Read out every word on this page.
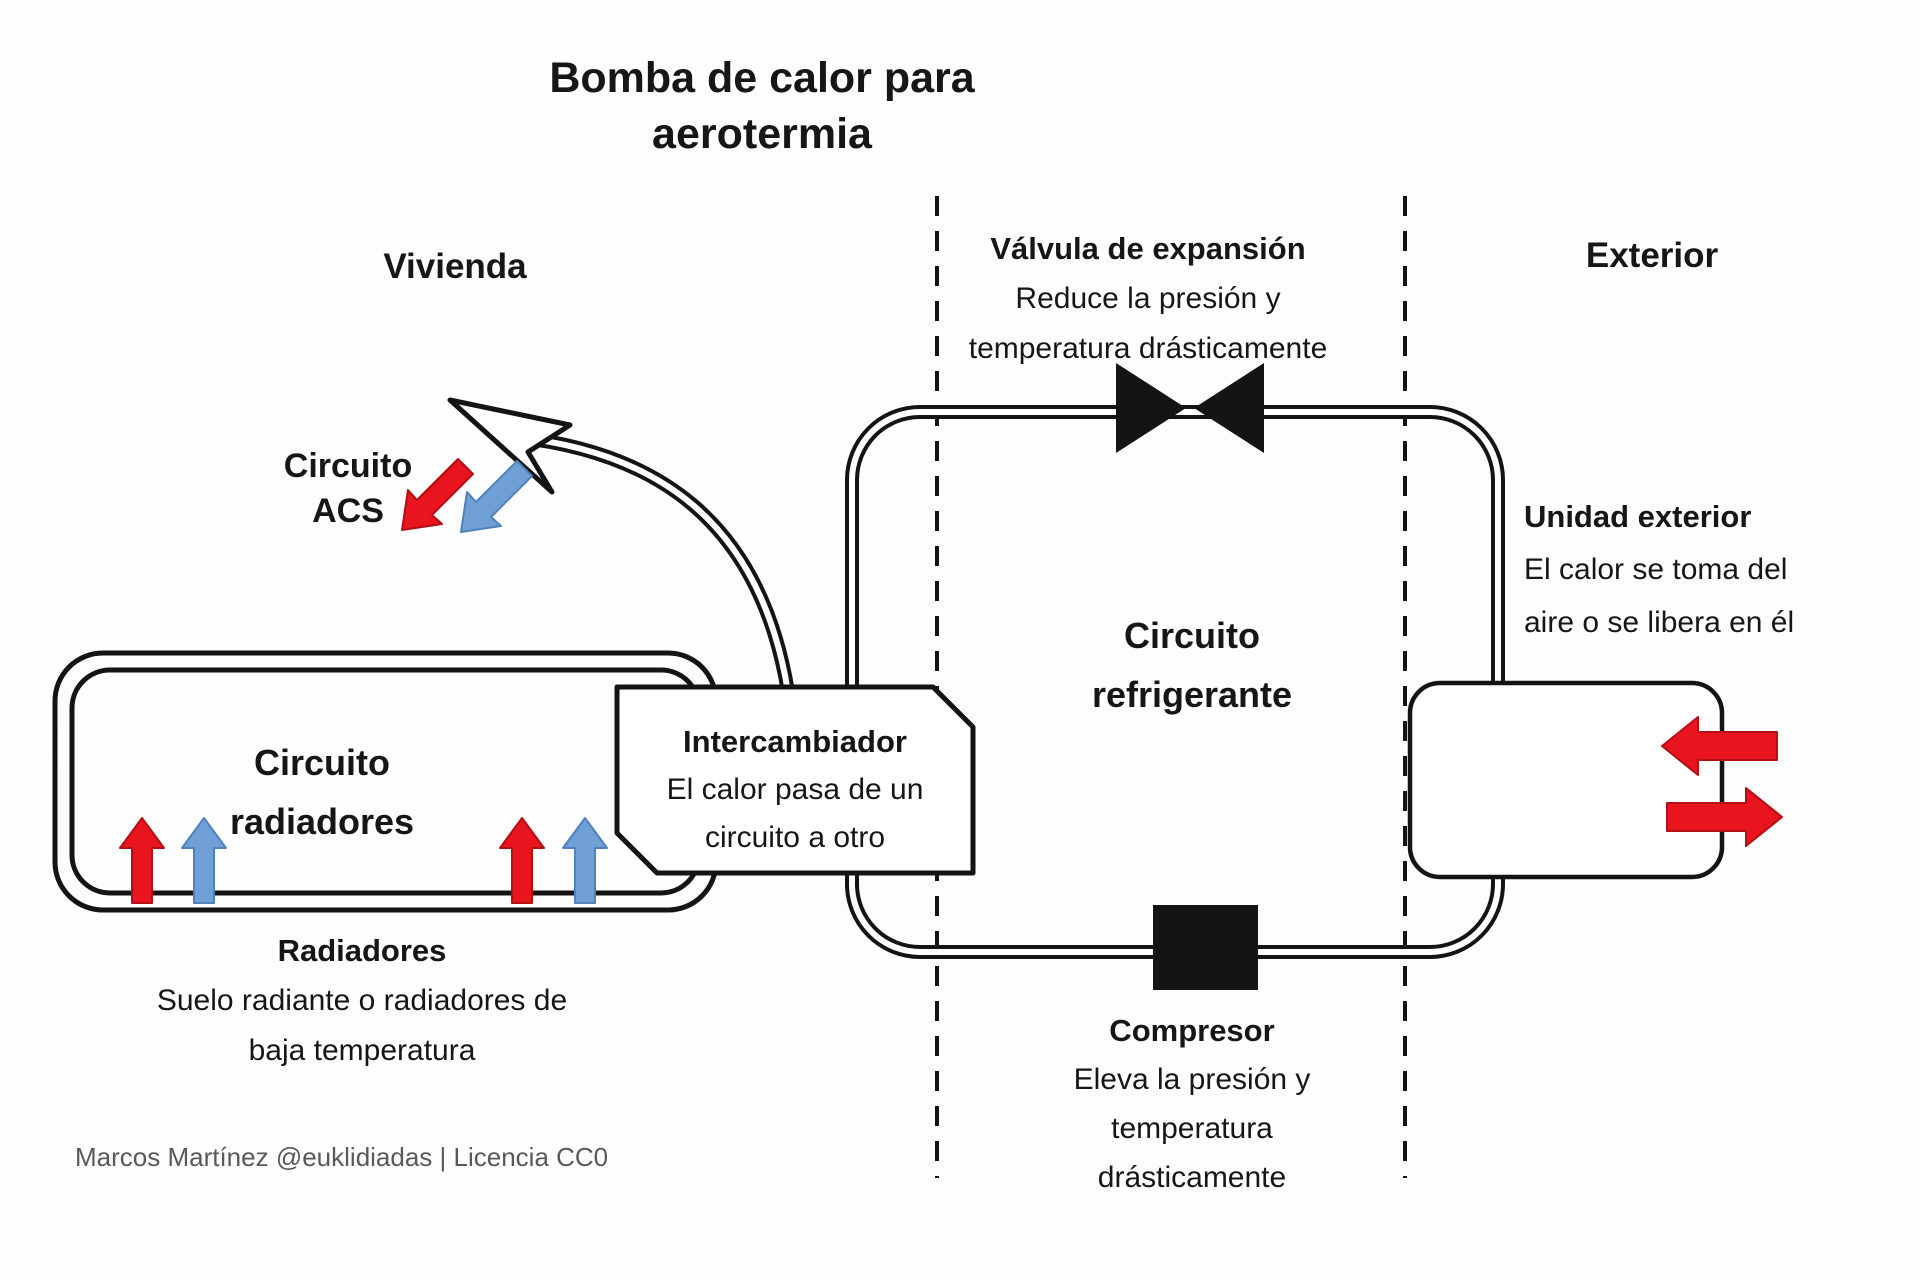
Bomba de calor para
aerotermia
Vivienda	Exterior
Circuito
ACS
Válvula de expansión
Reduce la presión y
temperatura drásticamente
Circuito
refrigerante
Circuito
radiadores
Radiadores
Suelo radiante o radiadores de
baja temperatura
Intercambiador
El calor pasa de un
circuito a otro
Compresor
Eleva la presión y
temperatura
drásticamente
Unidad exterior
El calor se toma del
aire o se libera en él
Marcos Martínez @euklidiadas | Licencia CC0
